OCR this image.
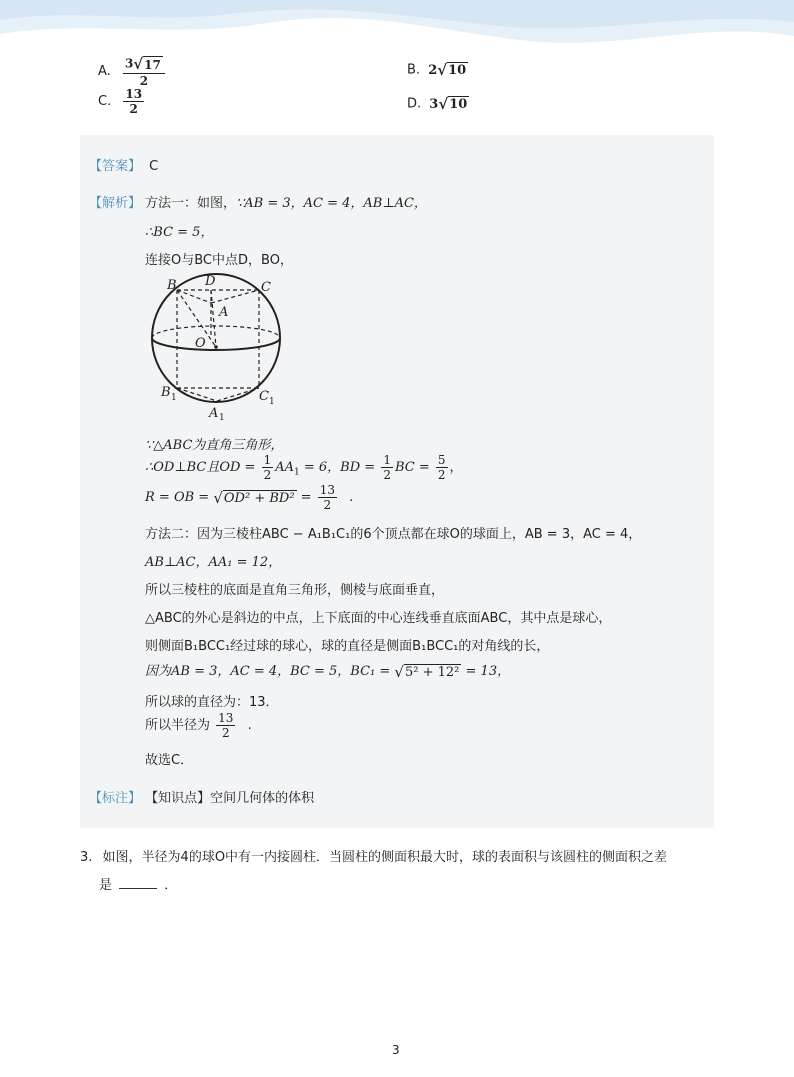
A. $\frac{3 √ 17}{2}$	B. 2 √ 10
C. $\frac{13}{2}$	D. 3 √ 10
【答案】 C
【解析】 方法一：如图，∵AB = 3，AC = 4，AB⊥AC，
∴BC = 5，
连接O与BC中点D，BO，
B D	C
A
O
B 1	C 1
A 1
∵△ABC为直角三角形，
∴OD⊥BC且OD = $\frac{1}{2} AA_1 = 6$，BD = $\frac{1}{2}$ BC = $\frac{5}{2}$ ，
R = OB = √ $OD^2 + BD^2 = \frac{13}{2}$ .
方法二：因为三棱柱ABC − A₁B₁C₁的6个顶点都在球O的球面上，AB = 3，AC = 4，
AB⊥AC，AA₁ = 12，
所以三棱柱的底面是直角三角形，侧棱与底面垂直，
△ABC的外心是斜边的中点，上下底面的中心连线垂直底面ABC，其中点是球心，
则侧面B₁BCC₁经过球的球心，球的直径是侧面B₁BCC₁的对角线的长，
因为AB = 3，AC = 4，BC = 5，BC₁ = √ 5² + 12² = 13，
所以球的直径为：13．
所以半径为 $\frac{13}{2}$ .
故选C．
【标注】 【知识点】空间几何体的体积
3. 如图，半径为4的球O中有一内接圆柱．当圆柱的侧面积最大时，球的表面积与该圆柱的侧面积之差
是	．
3
